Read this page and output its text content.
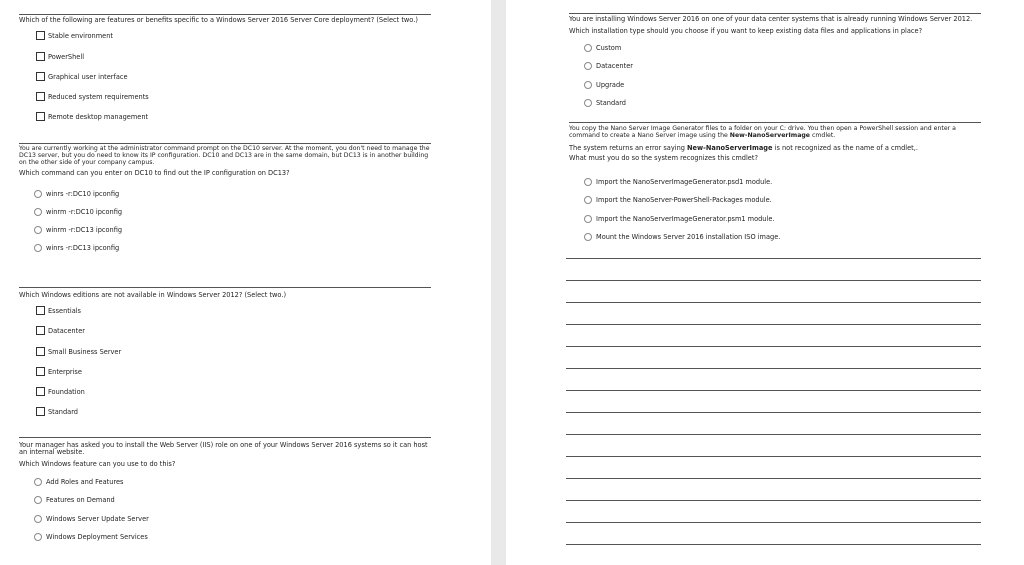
Which of the following are features or benefits specific to a Windows Server 2016 Server Core deployment? (Select two.)
Stable environment
PowerShell
Graphical user interface
Reduced system requirements
Remote desktop management
You are currently working at the administrator command prompt on the DC10 server. At the moment, you don't need to manage the DC13 server, but you do need to know its IP configuration. DC10 and DC13 are in the same domain, but DC13 is in another building on the other side of your company campus.
Which command can you enter on DC10 to find out the IP configuration on DC13?
winrs -r:DC10 ipconfig
winrm -r:DC10 ipconfig
winrm -r:DC13 ipconfig
winrs -r:DC13 ipconfig
Which Windows editions are not available in Windows Server 2012? (Select two.)
Essentials
Datacenter
Small Business Server
Enterprise
Foundation
Standard
Your manager has asked you to install the Web Server (IIS) role on one of your Windows Server 2016 systems so it can host an internal website.
Which Windows feature can you use to do this?
Add Roles and Features
Features on Demand
Windows Server Update Server
Windows Deployment Services
You are installing Windows Server 2016 on one of your data center systems that is already running Windows Server 2012.
Which installation type should you choose if you want to keep existing data files and applications in place?
Custom
Datacenter
Upgrade
Standard
You copy the Nano Server Image Generator files to a folder on your C: drive. You then open a PowerShell session and enter a command to create a Nano Server image using the New-NanoServerImage cmdlet.
The system returns an error saying New-NanoServerImage is not recognized as the name of a cmdlet,.
What must you do so the system recognizes this cmdlet?
Import the NanoServerImageGenerator.psd1 module.
Import the NanoServer-PowerShell-Packages module.
Import the NanoServerImageGenerator.psm1 module.
Mount the Windows Server 2016 installation ISO image.
